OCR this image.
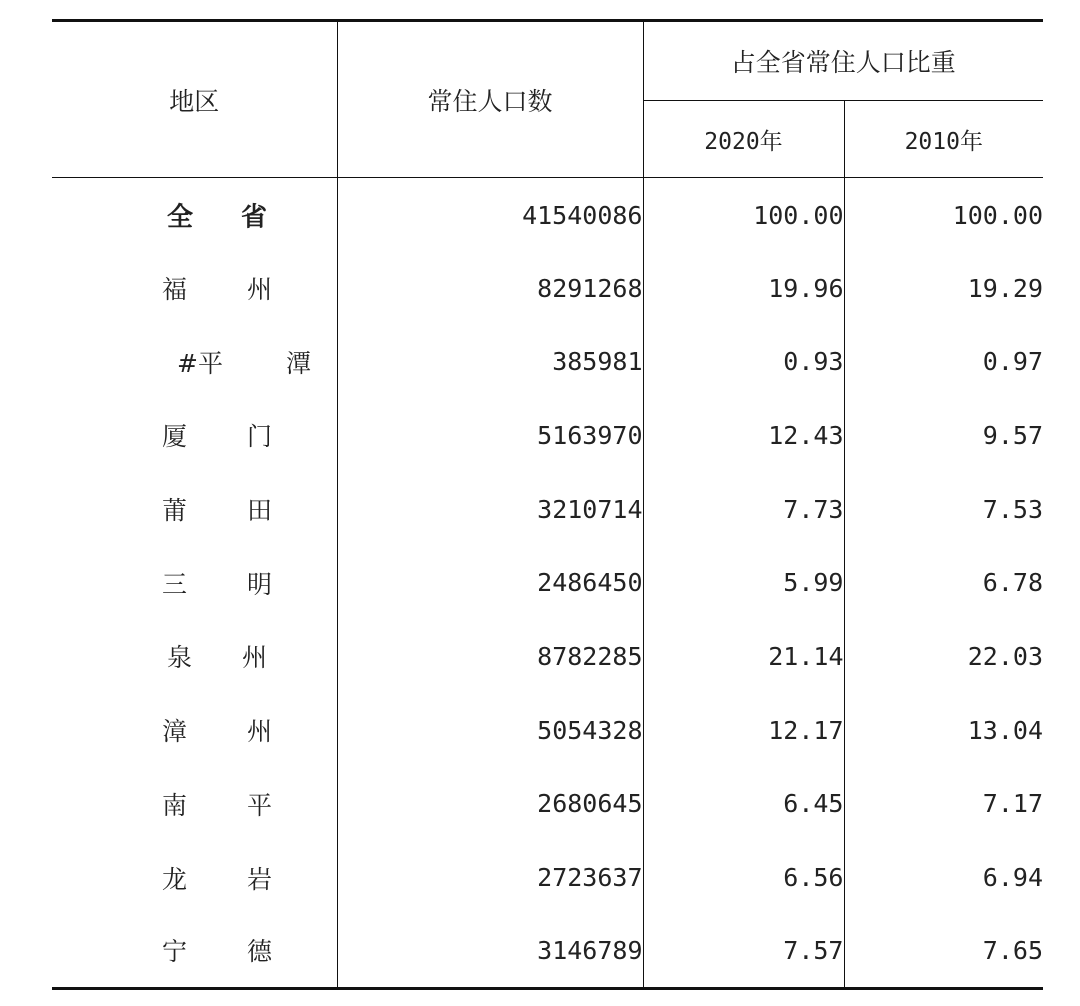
地区	常住人口数	占全省常住人口比重	
		2020年	2010年

全 省	41540086	100.00	100.00

福 州	8291268	19.96	19.29

#平 潭	385981	0.93	0.97

厦 门	5163970	12.43	9.57

莆 田	3210714	7.73	7.53

三 明	2486450	5.99	6.78

泉 州	8782285	21.14	22.03

漳 州	5054328	12.17	13.04

南 平	2680645	6.45	7.17

龙 岩	2723637	6.56	6.94

宁 德	3146789	7.57	7.65
